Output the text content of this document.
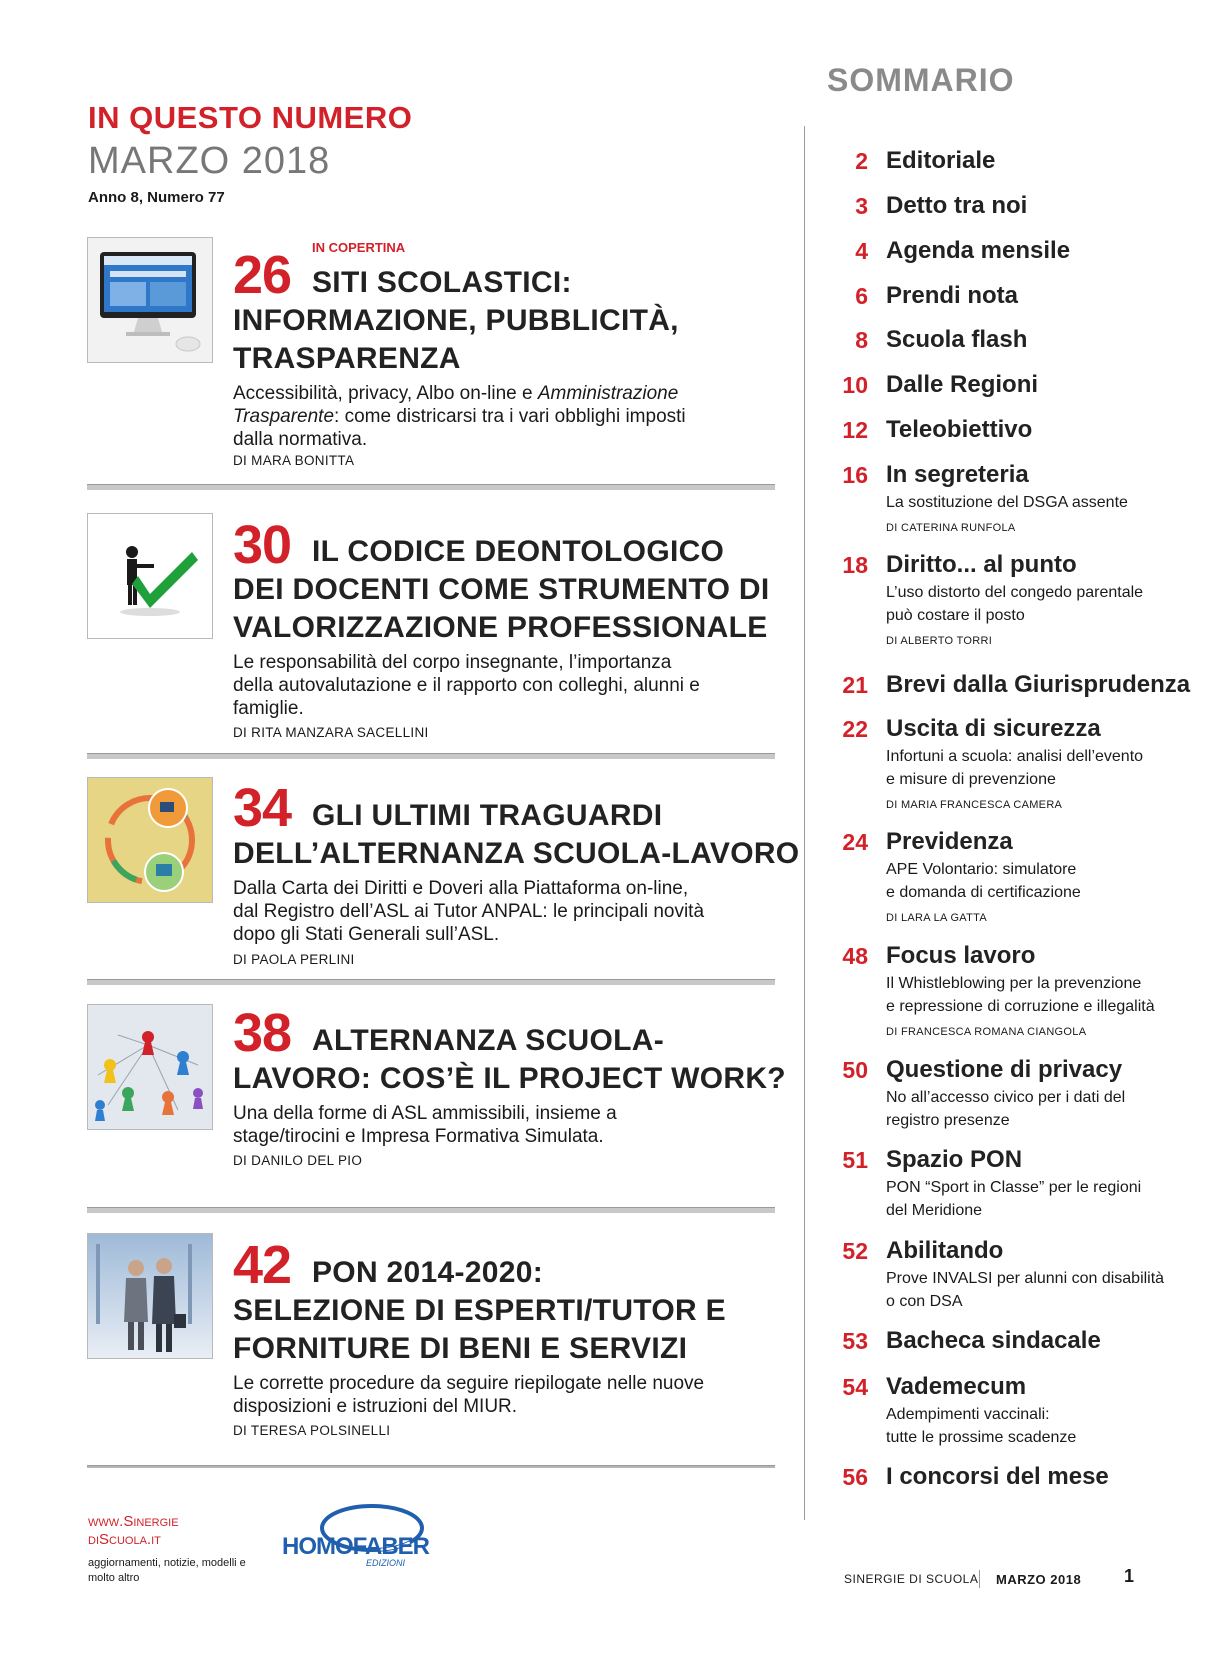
IN QUESTO NUMERO
MARZO 2018
Anno 8, Numero 77
IN COPERTINA
26 SITI SCOLASTICI:
INFORMAZIONE, PUBBLICITÀ,
TRASPARENZA
Accessibilità, privacy, Albo on-line e Amministrazione
Trasparente: come districarsi tra i vari obblighi imposti
dalla normativa.
DI MARA BONITTA
30 IL CODICE DEONTOLOGICO
DEI DOCENTI COME STRUMENTO DI
VALORIZZAZIONE PROFESSIONALE
Le responsabilità del corpo insegnante, l’importanza
della autovalutazione e il rapporto con colleghi, alunni e
famiglie.
DI RITA MANZARA SACELLINI
34 GLI ULTIMI TRAGUARDI
DELL’ALTERNANZA SCUOLA-LAVORO
Dalla Carta dei Diritti e Doveri alla Piattaforma on-line,
dal Registro dell’ASL ai Tutor ANPAL: le principali novità
dopo gli Stati Generali sull’ASL.
DI PAOLA PERLINI
38 ALTERNANZA SCUOLA-
LAVORO: COS’È IL PROJECT WORK?
Una della forme di ASL ammissibili, insieme a
stage/tirocini e Impresa Formativa Simulata.
DI DANILO DEL PIO
42 PON 2014-2020:
SELEZIONE DI ESPERTI/TUTOR E
FORNITURE DI BENI E SERVIZI
Le corrette procedure da seguire riepilogate nelle nuove
disposizioni e istruzioni del MIUR.
DI TERESA POLSINELLI
SOMMARIO
2 Editoriale
3 Detto tra noi
4 Agenda mensile
6 Prendi nota
8 Scuola flash
10 Dalle Regioni
12 Teleobiettivo
16 In segreteria
La sostituzione del DSGA assente
DI CATERINA RUNFOLA
18 Diritto... al punto
L’uso distorto del congedo parentale
può costare il posto
DI ALBERTO TORRI
21 Brevi dalla Giurisprudenza
22 Uscita di sicurezza
Infortuni a scuola: analisi dell’evento
e misure di prevenzione
DI MARIA FRANCESCA CAMERA
24 Previdenza
APE Volontario: simulatore
e domanda di certificazione
DI LARA LA GATTA
48 Focus lavoro
Il Whistleblowing per la prevenzione
e repressione di corruzione e illegalità
DI FRANCESCA ROMANA CIANGOLA
50 Questione di privacy
No all’accesso civico per i dati del
registro presenze
51 Spazio PON
PON “Sport in Classe” per le regioni
del Meridione
52 Abilitando
Prove INVALSI per alunni con disabilità
o con DSA
53 Bacheca sindacale
54 Vademecum
Adempimenti vaccinali:
tutte le prossime scadenze
56 I concorsi del mese
www.Sinergie
diScuola.it
aggiornamenti, notizie, modelli e molto altro
HOMOFABER
EDIZIONI
SINERGIE DI SCUOLA MARZO 2018 1
